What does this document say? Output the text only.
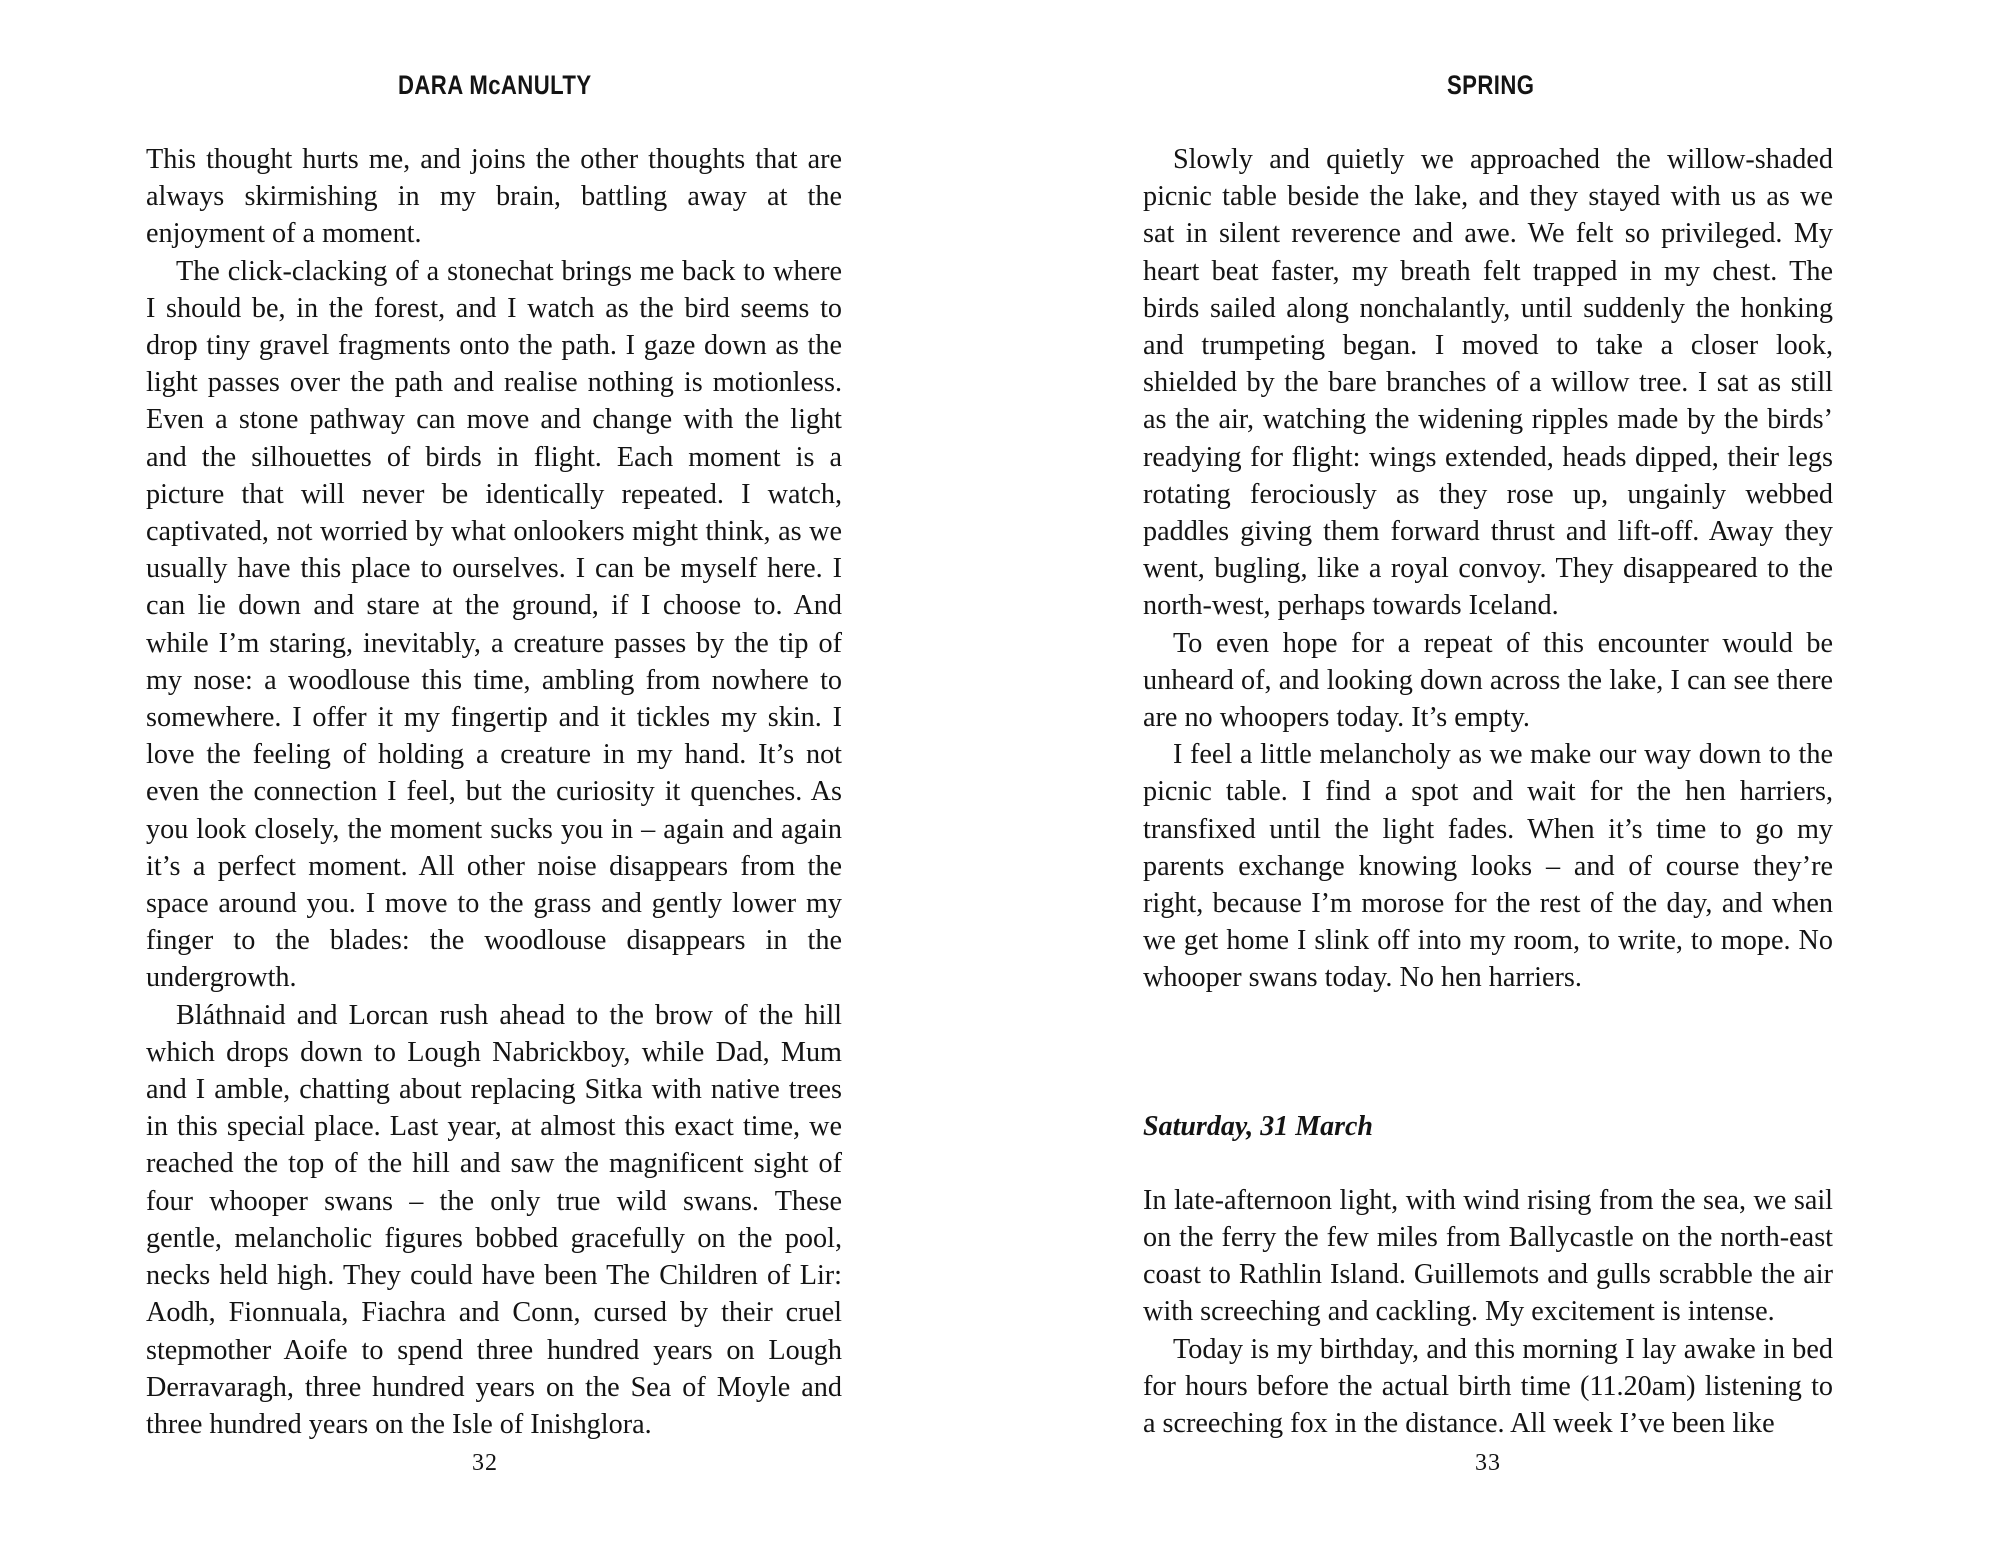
DARA McANULTY

This thought hurts me, and joins the other thoughts that are always skirmishing in my brain, battling away at the enjoyment of a moment.

The click-clacking of a stonechat brings me back to where I should be, in the forest, and I watch as the bird seems to drop tiny gravel fragments onto the path. I gaze down as the light passes over the path and realise nothing is motionless. Even a stone pathway can move and change with the light and the silhouettes of birds in flight. Each moment is a picture that will never be identically repeated. I watch, captivated, not worried by what onlookers might think, as we usually have this place to ourselves. I can be myself here. I can lie down and stare at the ground, if I choose to. And while I’m staring, inevitably, a creature passes by the tip of my nose: a woodlouse this time, ambling from nowhere to somewhere. I offer it my fingertip and it tickles my skin. I love the feeling of holding a creature in my hand. It’s not even the connection I feel, but the curiosity it quenches. As you look closely, the moment sucks you in – again and again it’s a perfect moment. All other noise disappears from the space around you. I move to the grass and gently lower my finger to the blades: the woodlouse disappears in the undergrowth.

Bláthnaid and Lorcan rush ahead to the brow of the hill which drops down to Lough Nabrickboy, while Dad, Mum and I amble, chatting about replacing Sitka with native trees in this special place. Last year, at almost this exact time, we reached the top of the hill and saw the magnificent sight of four whooper swans – the only true wild swans. These gentle, melancholic figures bobbed gracefully on the pool, necks held high. They could have been The Children of Lir: Aodh, Fionnuala, Fiachra and Conn, cursed by their cruel stepmother Aoife to spend three hundred years on Lough Derravaragh, three hundred years on the Sea of Moyle and three hundred years on the Isle of Inishglora.

32
SPRING

Slowly and quietly we approached the willow-shaded picnic table beside the lake, and they stayed with us as we sat in silent reverence and awe. We felt so privileged. My heart beat faster, my breath felt trapped in my chest. The birds sailed along nonchalantly, until suddenly the honking and trumpeting began. I moved to take a closer look, shielded by the bare branches of a willow tree. I sat as still as the air, watching the widening ripples made by the birds’ readying for flight: wings extended, heads dipped, their legs rotating ferociously as they rose up, ungainly webbed paddles giving them forward thrust and lift-off. Away they went, bugling, like a royal convoy. They disappeared to the north-west, perhaps towards Iceland.

To even hope for a repeat of this encounter would be unheard of, and looking down across the lake, I can see there are no whoopers today. It’s empty.

I feel a little melancholy as we make our way down to the picnic table. I find a spot and wait for the hen harriers, transfixed until the light fades. When it’s time to go my parents exchange knowing looks – and of course they’re right, because I’m morose for the rest of the day, and when we get home I slink off into my room, to write, to mope. No whooper swans today. No hen harriers.

Saturday, 31 March

In late-afternoon light, with wind rising from the sea, we sail on the ferry the few miles from Ballycastle on the north-east coast to Rathlin Island. Guillemots and gulls scrabble the air with screeching and cackling. My excitement is intense.

Today is my birthday, and this morning I lay awake in bed for hours before the actual birth time (11.20am) listening to a screeching fox in the distance. All week I’ve been like

33
